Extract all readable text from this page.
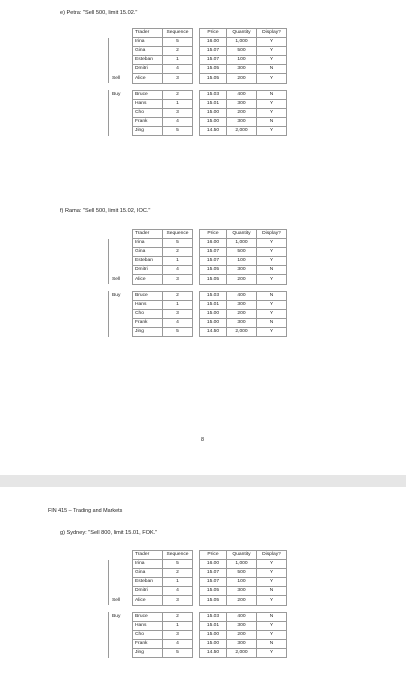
e) Petra: "Sell 500, limit 15.02."
	Trader	Sequence		Price	Quantity	Display?
	Irina	5		16.00	1,000	Y
	Gina	2		15.07	500	Y
	Esteban	1		15.07	100	Y
	Dmitri	4		15.05	300	N
Sell	Alice	3		15.05	200	Y

Buy	Bruce	2		15.03	400	N
	Hans	1		15.01	300	Y
	Cho	3		15.00	200	Y
	Frank	4		15.00	300	N
	Jing	5		14.50	2,000	Y
f) Rama: "Sell 500, limit 15.02, IOC."
	Trader	Sequence		Price	Quantity	Display?
	Irina	5		16.00	1,000	Y
	Gina	2		15.07	500	Y
	Esteban	1		15.07	100	Y
	Dmitri	4		15.05	300	N
Sell	Alice	3		15.05	200	Y

Buy	Bruce	2		15.03	400	N
	Hans	1		15.01	300	Y
	Cho	3		15.00	200	Y
	Frank	4		15.00	300	N
	Jing	5		14.50	2,000	Y
8
FIN 415 – Trading and Markets
g) Sydney: "Sell 800, limit 15.01, FOK."
	Trader	Sequence		Price	Quantity	Display?
	Irina	5		16.00	1,000	Y
	Gina	2		15.07	500	Y
	Esteban	1		15.07	100	Y
	Dmitri	4		15.05	300	N
Sell	Alice	3		15.05	200	Y

Buy	Bruce	2		15.03	400	N
	Hans	1		15.01	300	Y
	Cho	3		15.00	200	Y
	Frank	4		15.00	300	N
	Jing	5		14.50	2,000	Y
